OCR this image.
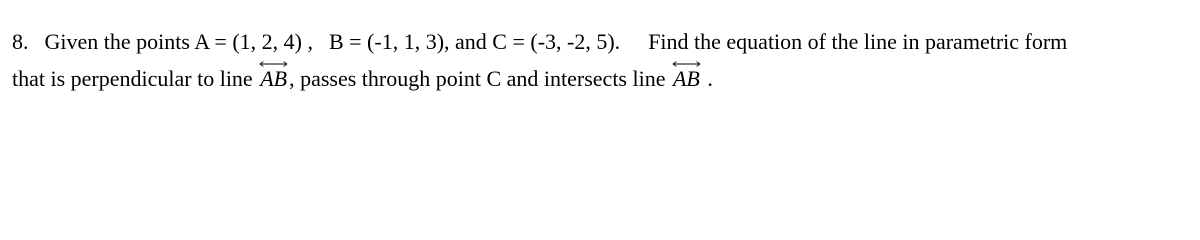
8. Given the points A = (1, 2, 4) , B = (-1, 1, 3), and C = (-3, -2, 5). Find the equation of the line in parametric form
that is perpendicular to line AB, passes through point C and intersects line AB .
